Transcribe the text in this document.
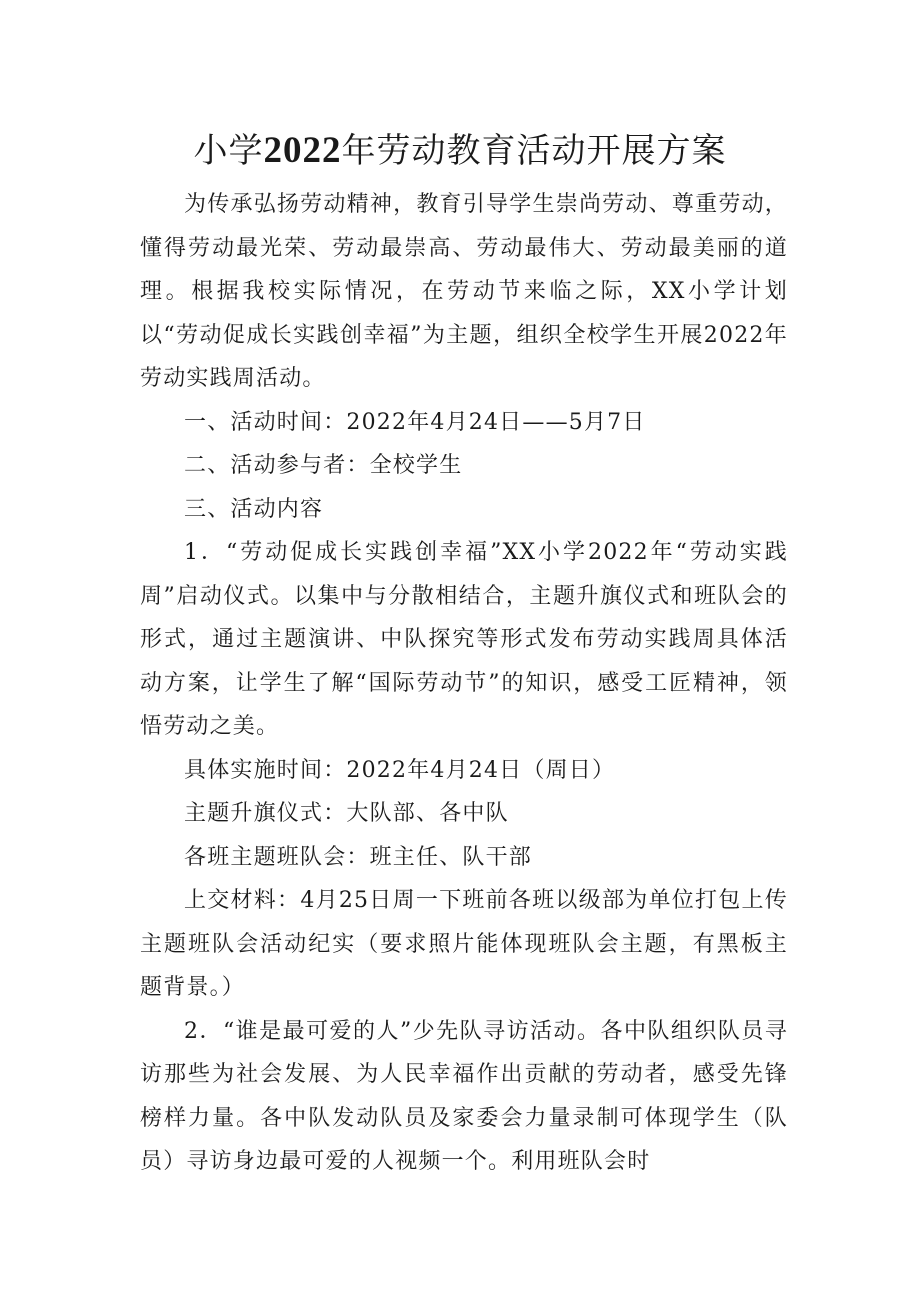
小学2022年劳动教育活动开展方案

为传承弘扬劳动精神，教育引导学生崇尚劳动、尊重劳动，懂得劳动最光荣、劳动最崇高、劳动最伟大、劳动最美丽的道理。根据我校实际情况，在劳动节来临之际，XX小学计划以“劳动促成长实践创幸福”为主题，组织全校学生开展2022年劳动实践周活动。

一、活动时间：2022年4月24日——5月7日

二、活动参与者：全校学生

三、活动内容

1．“劳动促成长实践创幸福”XX小学2022年“劳动实践周”启动仪式。以集中与分散相结合，主题升旗仪式和班队会的形式，通过主题演讲、中队探究等形式发布劳动实践周具体活动方案，让学生了解“国际劳动节”的知识，感受工匠精神，领悟劳动之美。

具体实施时间：2022年4月24日（周日）

主题升旗仪式：大队部、各中队

各班主题班队会：班主任、队干部

上交材料：4月25日周一下班前各班以级部为单位打包上传主题班队会活动纪实（要求照片能体现班队会主题，有黑板主题背景。）

2．“谁是最可爱的人”少先队寻访活动。各中队组织队员寻访那些为社会发展、为人民幸福作出贡献的劳动者，感受先锋榜样力量。各中队发动队员及家委会力量录制可体现学生（队员）寻访身边最可爱的人视频一个。利用班队会时
